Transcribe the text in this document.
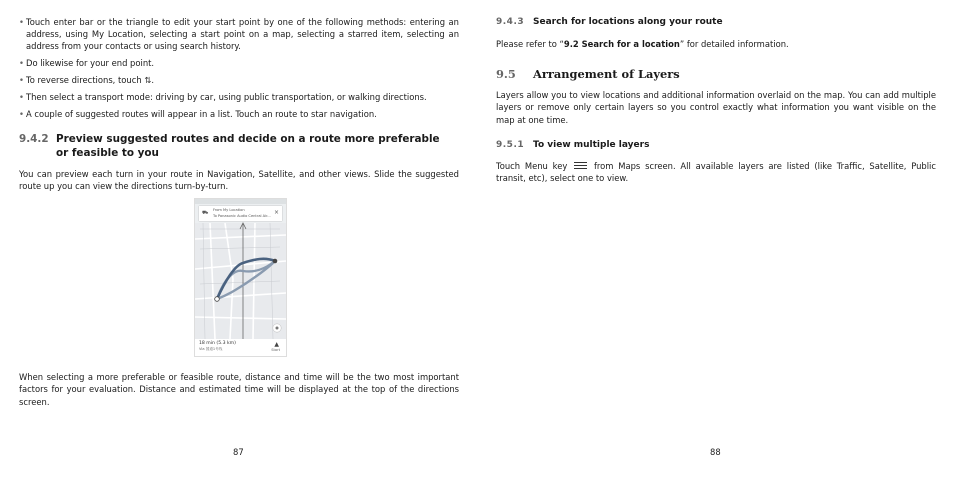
• Touch enter bar or the triangle to edit your start point by one of the following methods: entering an address, using My Location, selecting a start point on a map, selecting a starred item, selecting an address from your contacts or using search history.
• Do likewise for your end point.
• To reverse directions, touch ⇅.
• Then select a transport mode: driving by car, using public transportation, or walking directions.
• A couple of suggested routes will appear in a list. Touch an route to star navigation.
9.4.2 Preview suggested routes and decide on a route more preferable or feasible to you
You can preview each turn in your route in Navigation, Satellite, and other views. Slide the suggested route up you can view the directions turn-by-turn.
⛟ From My Location
To Panasonic Audio Central Air... ×
18 min (5.3 km)
Via 国道1号线
▲
Start
When selecting a more preferable or feasible route, distance and time will be the two most important factors for your evaluation. Distance and estimated time will be displayed at the top of the directions screen.
87
9.4.3 Search for locations along your route
Please refer to “9.2 Search for a location” for detailed information.
9.5	Arrangement of Layers
Layers allow you to view locations and additional information overlaid on the map. You can add multiple layers or remove only certain layers so you control exactly what information you want visible on the map at one time.
9.5.1 To view multiple layers
Touch Menu key	from Maps screen. All available layers are listed (like Traffic, Satellite, Public transit, etc), select one to view.
88
